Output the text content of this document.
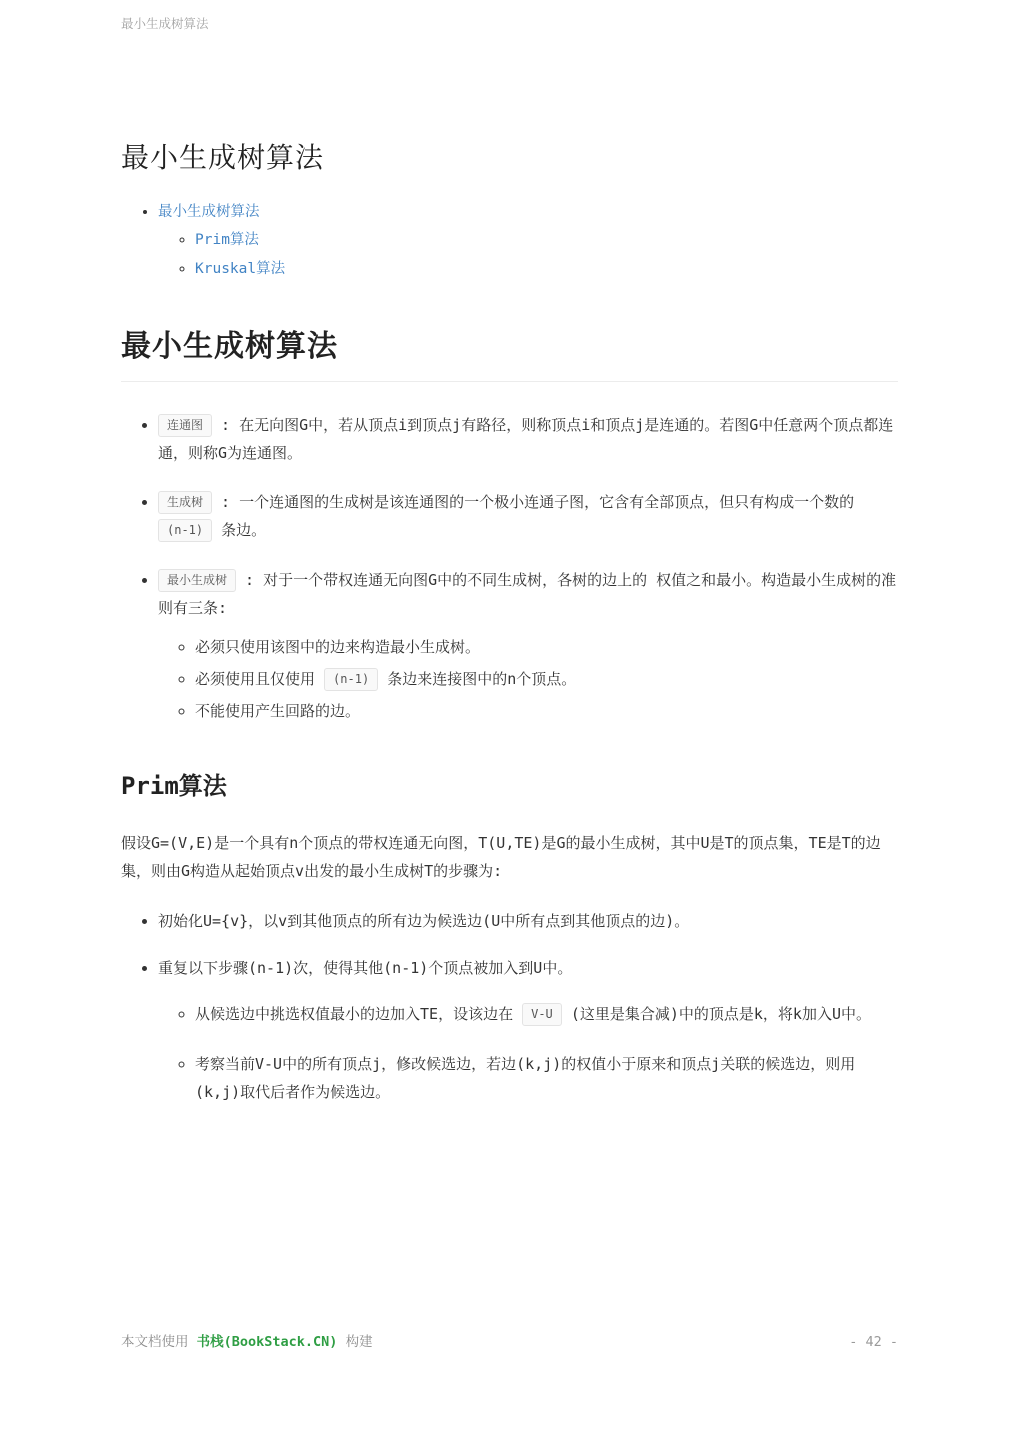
最小生成树算法
最小生成树算法
• 最小生成树算法
◦ Prim算法
◦ Kruskal算法
最小生成树算法
• 连通图 : 在无向图G中，若从顶点i到顶点j有路径，则称顶点i和顶点j是连通的。若图G中任意两个顶点都连通，则称G为连通图。
• 生成树 : 一个连通图的生成树是该连通图的一个极小连通子图，它含有全部顶点，但只有构成一个数的 (n-1) 条边。
• 最小生成树 : 对于一个带权连通无向图G中的不同生成树，各树的边上的 权值之和最小。构造最小生成树的准则有三条:
◦ 必须只使用该图中的边来构造最小生成树。
◦ 必须使用且仅使用 (n-1) 条边来连接图中的n个顶点。
◦ 不能使用产生回路的边。
Prim算法

假设G=(V,E)是一个具有n个顶点的带权连通无向图，T(U,TE)是G的最小生成树，其中U是T的顶点集，TE是T的边集，则由G构造从起始顶点v出发的最小生成树T的步骤为:

• 初始化U={v}，以v到其他顶点的所有边为候选边(U中所有点到其他顶点的边)。
• 重复以下步骤(n-1)次，使得其他(n-1)个顶点被加入到U中。
◦ 从候选边中挑选权值最小的边加入TE，设该边在 V-U (这里是集合减)中的顶点是k，将k加入U中。
◦ 考察当前V-U中的所有顶点j，修改候选边，若边(k,j)的权值小于原来和顶点j关联的候选边，则用(k,j)取代后者作为候选边。
本文档使用 书栈(BookStack.CN) 构建	- 42 -
